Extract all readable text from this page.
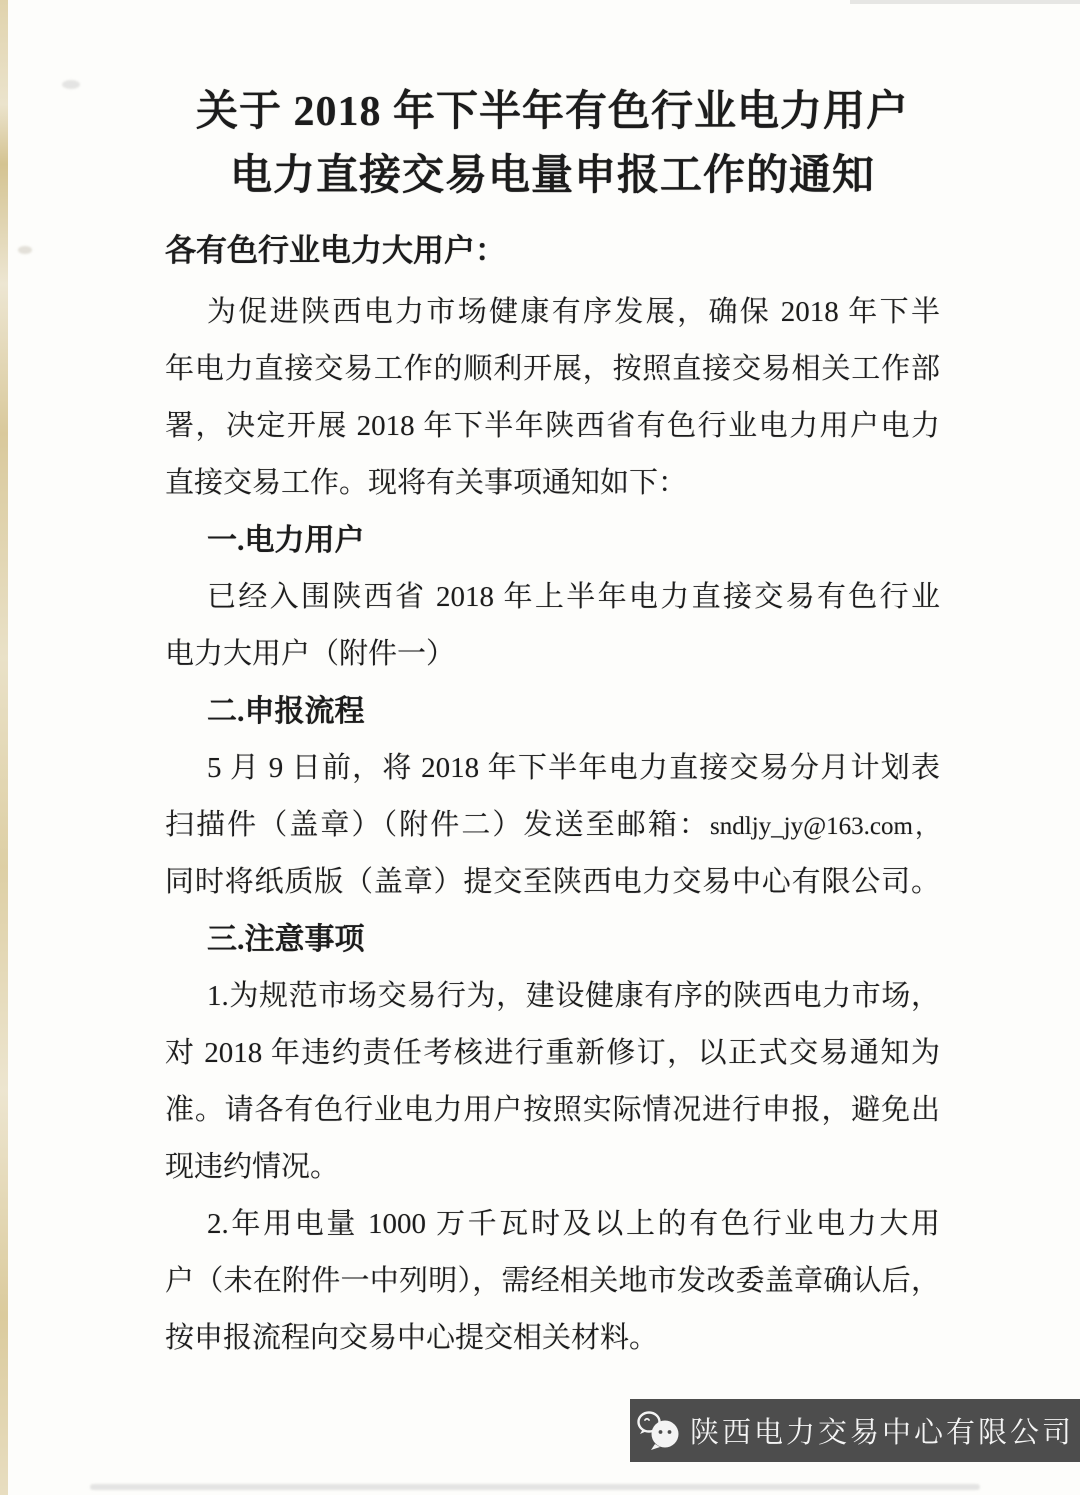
关于 2018 年下半年有色行业电力用户
电力直接交易电量申报工作的通知
各有色行业电力大用户：
为促进陕西电力市场健康有序发展，确保 2018 年下半
年电力直接交易工作的顺利开展，按照直接交易相关工作部
署，决定开展 2018 年下半年陕西省有色行业电力用户电力
直接交易工作。现将有关事项通知如下：
一.电力用户
已经入围陕西省 2018 年上半年电力直接交易有色行业
电力大用户（附件一）
二.申报流程
5 月 9 日前，将 2018 年下半年电力直接交易分月计划表
扫描件（盖章）（附件二）发送至邮箱：sndljy_jy@163.com，
同时将纸质版（盖章）提交至陕西电力交易中心有限公司。
三.注意事项
1.为规范市场交易行为，建设健康有序的陕西电力市场，
对 2018 年违约责任考核进行重新修订，以正式交易通知为
准。请各有色行业电力用户按照实际情况进行申报，避免出
现违约情况。
2.年用电量 1000 万千瓦时及以上的有色行业电力大用
户（未在附件一中列明），需经相关地市发改委盖章确认后，
按申报流程向交易中心提交相关材料。
陕西电力交易中心有限公司
